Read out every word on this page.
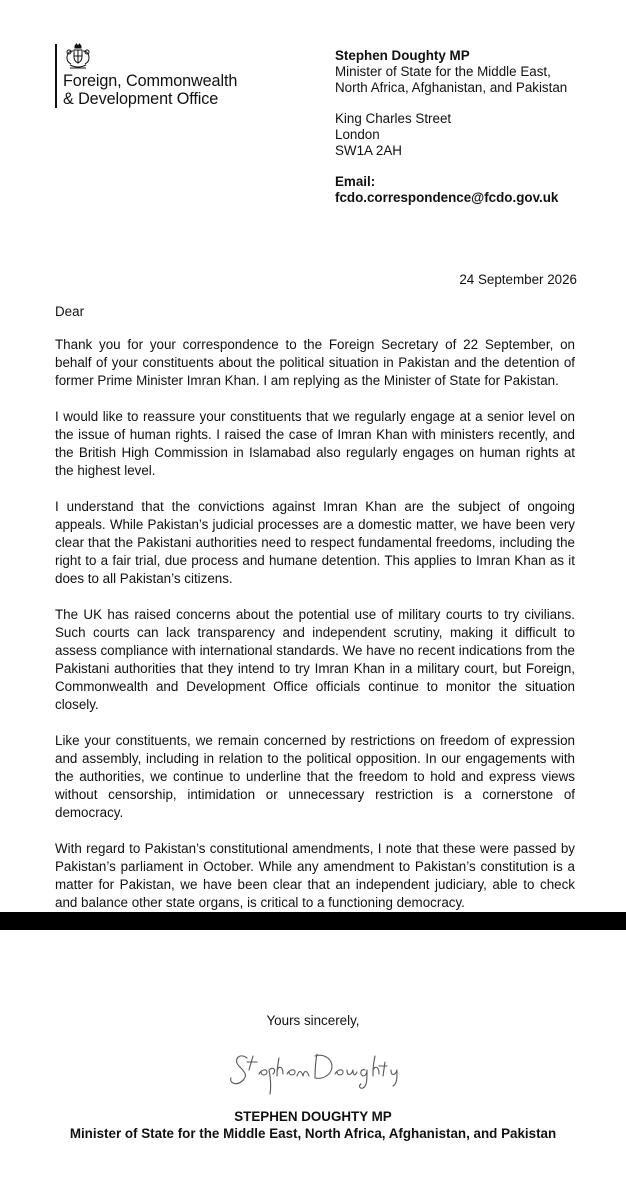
Foreign, Commonwealth
& Development Office
Stephen Doughty MP
Minister of State for the Middle East,
North Africa, Afghanistan, and Pakistan
King Charles Street
London
SW1A 2AH
Email:
fcdo.correspondence@fcdo.gov.uk
24 September 2026
Dear

Thank you for your correspondence to the Foreign Secretary of 22 September, on behalf of your constituents about the political situation in Pakistan and the detention of former Prime Minister Imran Khan. I am replying as the Minister of State for Pakistan.

I would like to reassure your constituents that we regularly engage at a senior level on the issue of human rights. I raised the case of Imran Khan with ministers recently, and the British High Commission in Islamabad also regularly engages on human rights at the highest level.

I understand that the convictions against Imran Khan are the subject of ongoing appeals. While Pakistan’s judicial processes are a domestic matter, we have been very clear that the Pakistani authorities need to respect fundamental freedoms, including the right to a fair trial, due process and humane detention. This applies to Imran Khan as it does to all Pakistan’s citizens.

The UK has raised concerns about the potential use of military courts to try civilians. Such courts can lack transparency and independent scrutiny, making it difficult to assess compliance with international standards. We have no recent indications from the Pakistani authorities that they intend to try Imran Khan in a military court, but Foreign, Commonwealth and Development Office officials continue to monitor the situation closely.

Like your constituents, we remain concerned by restrictions on freedom of expression and assembly, including in relation to the political opposition. In our engagements with the authorities, we continue to underline that the freedom to hold and express views without censorship, intimidation or unnecessary restriction is a cornerstone of democracy.

With regard to Pakistan’s constitutional amendments, I note that these were passed by Pakistan’s parliament in October. While any amendment to Pakistan’s constitution is a matter for Pakistan, we have been clear that an independent judiciary, able to check and balance other state organs, is critical to a functioning democracy.

Yours sincerely,
STEPHEN DOUGHTY MP
Minister of State for the Middle East, North Africa, Afghanistan, and Pakistan
